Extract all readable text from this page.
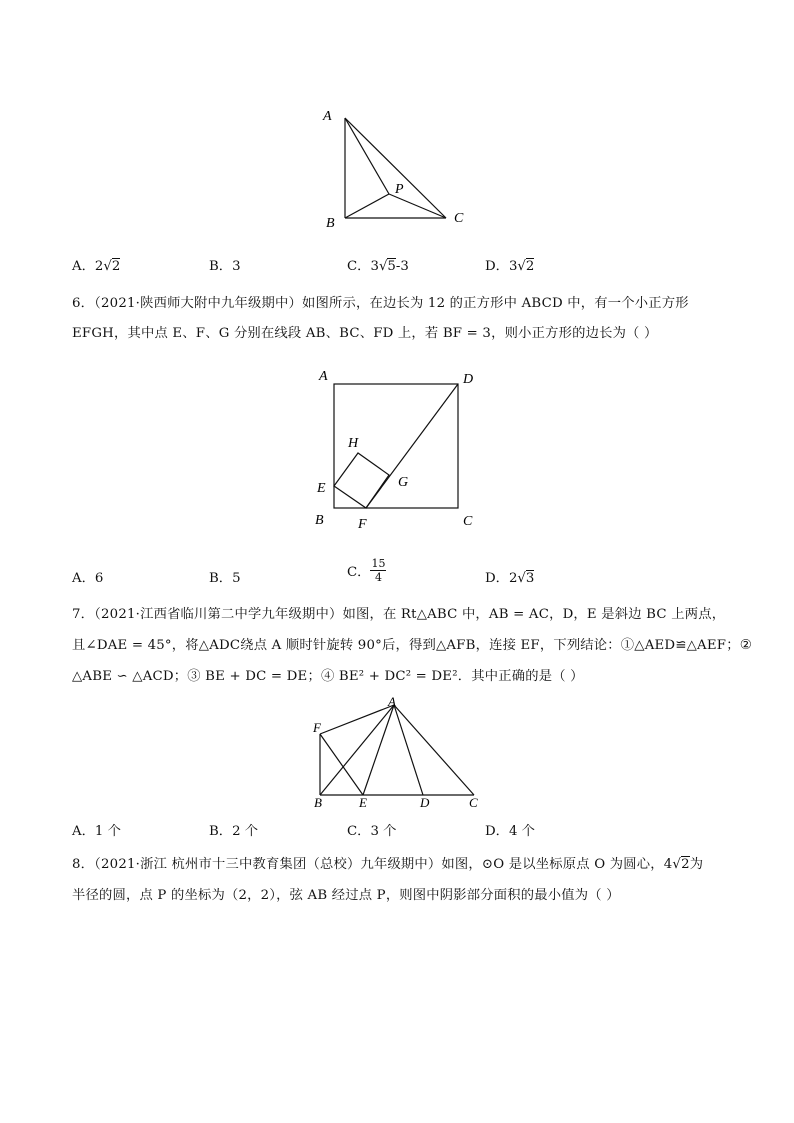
A
B	C
P
A．2√2	B．3	C．3√5-3	D．3√2
6．（2021·陕西师大附中九年级期中）如图所示，在边长为 12 的正方形中 ABCD 中，有一个小正方形
EFGH，其中点 E、F、G 分别在线段 AB、BC、FD 上，若 BF = 3，则小正方形的边长为（ ）
A	D
H
E	G
B F	C
A．6	B．5	C． $\frac{15}{4}$	D．2√3
7．（2021·江西省临川第二中学九年级期中）如图，在 Rt△ABC 中，AB = AC，D，E 是斜边 BC 上两点，
且∠DAE = 45°，将△ADC绕点 A 顺时针旋转 90°后，得到△AFB，连接 EF，下列结论：①△AED≌△AEF；②
△ABE ∽ △ACD；③ BE + DC = DE；④ BE² + DC² = DE²．其中正确的是（ ）
A
F
B	E	D	C
A．1 个	B．2 个	C．3 个	D．4 个
8．（2021·浙江 杭州市十三中教育集团（总校）九年级期中）如图，⊙O 是以坐标原点 O 为圆心，4√2为
半径的圆，点 P 的坐标为（2，2），弦 AB 经过点 P，则图中阴影部分面积的最小值为（ ）
